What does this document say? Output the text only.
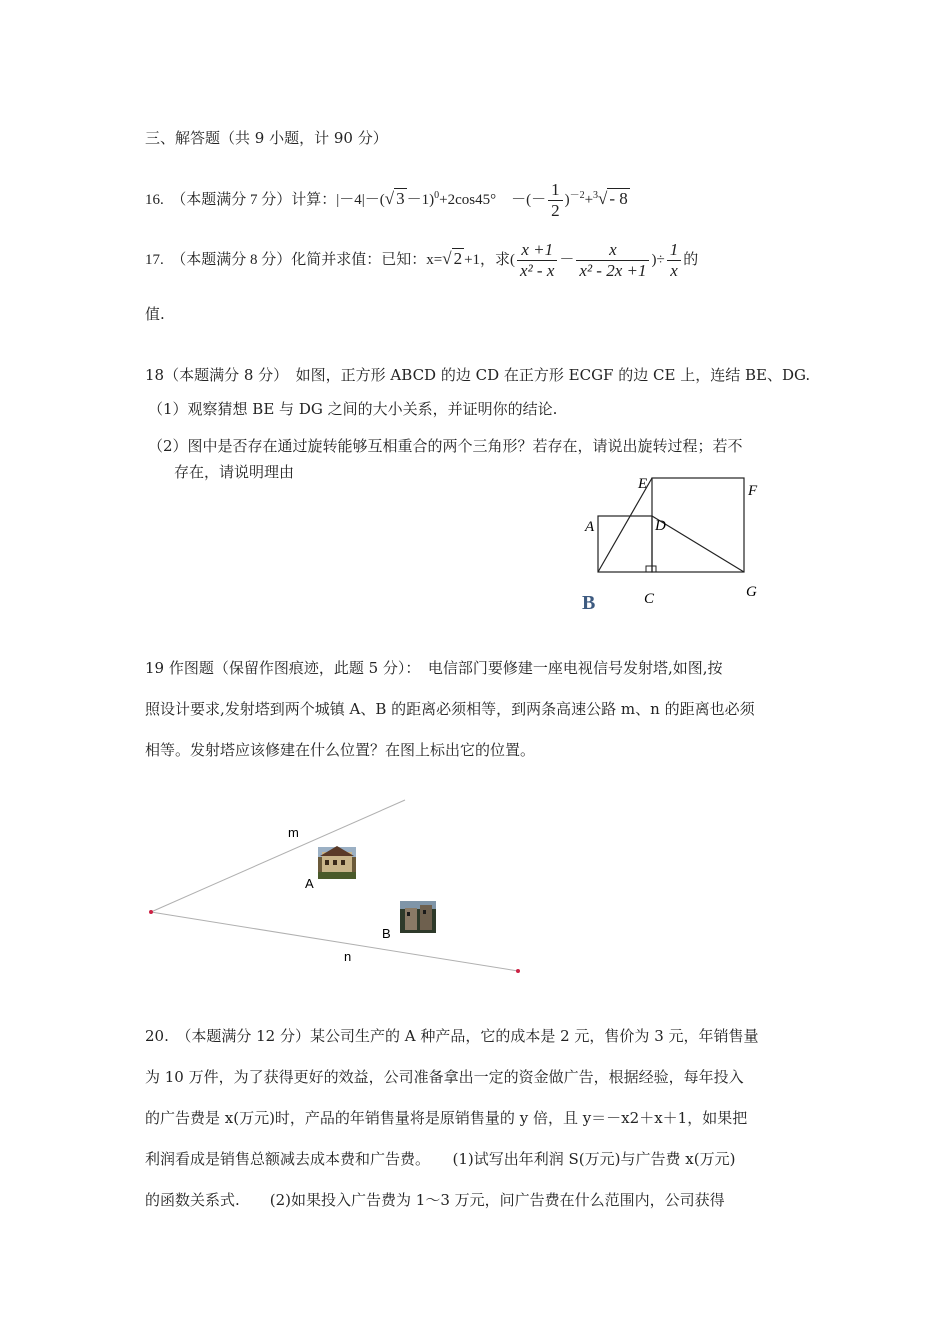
三、解答题（共 9 小题，计 90 分）
16.　（本题满分 7 分）计算：|－4|－(√ 3 －1)$^0$+2cos45°　－(－ $\frac{1}{2} )^{-2}+^3√ - 8$
17.　（本题满分 8 分）化简并求值：已知：x=√ 2 +1，求( $\frac{x +1}{\text{x² - x}} - \frac{x}{\text{x² - 2x +1}}$ )÷ $\frac{1}{x}$ 的
值.
18（本题满分 8 分）　如图，正方形 ABCD 的边 CD 在正方形 ECGF 的边 CE 上，连结 BE、DG.
（1）观察猜想 BE 与 DG 之间的大小关系，并证明你的结论.
（2）图中是否存在通过旋转能够互相重合的两个三角形？若存在，请说出旋转过程；若不
存在，请说明理由
E	F
A	D
C	G
B
19 作图题（保留作图痕迹，此题 5 分）：　电信部门要修建一座电视信号发射塔,如图,按
照设计要求,发射塔到两个城镇 A、B 的距离必须相等，到两条高速公路 m、n 的距离也必须
相等。发射塔应该修建在什么位置？在图上标出它的位置。
m
A
B
n
20.　（本题满分 12 分）某公司生产的 A 种产品，它的成本是 2 元，售价为 3 元，年销售量
为 10 万件，为了获得更好的效益，公司准备拿出一定的资金做广告，根据经验，每年投入
的广告费是 x(万元)时，产品的年销售量将是原销售量的 y 倍，且 y＝－x2＋x＋1，如果把
利润看成是销售总额减去成本费和广告费。　　(1)试写出年利润 S(万元)与广告费 x(万元)
的函数关系式.　　(2)如果投入广告费为 1～3 万元，问广告费在什么范围内，公司获得
